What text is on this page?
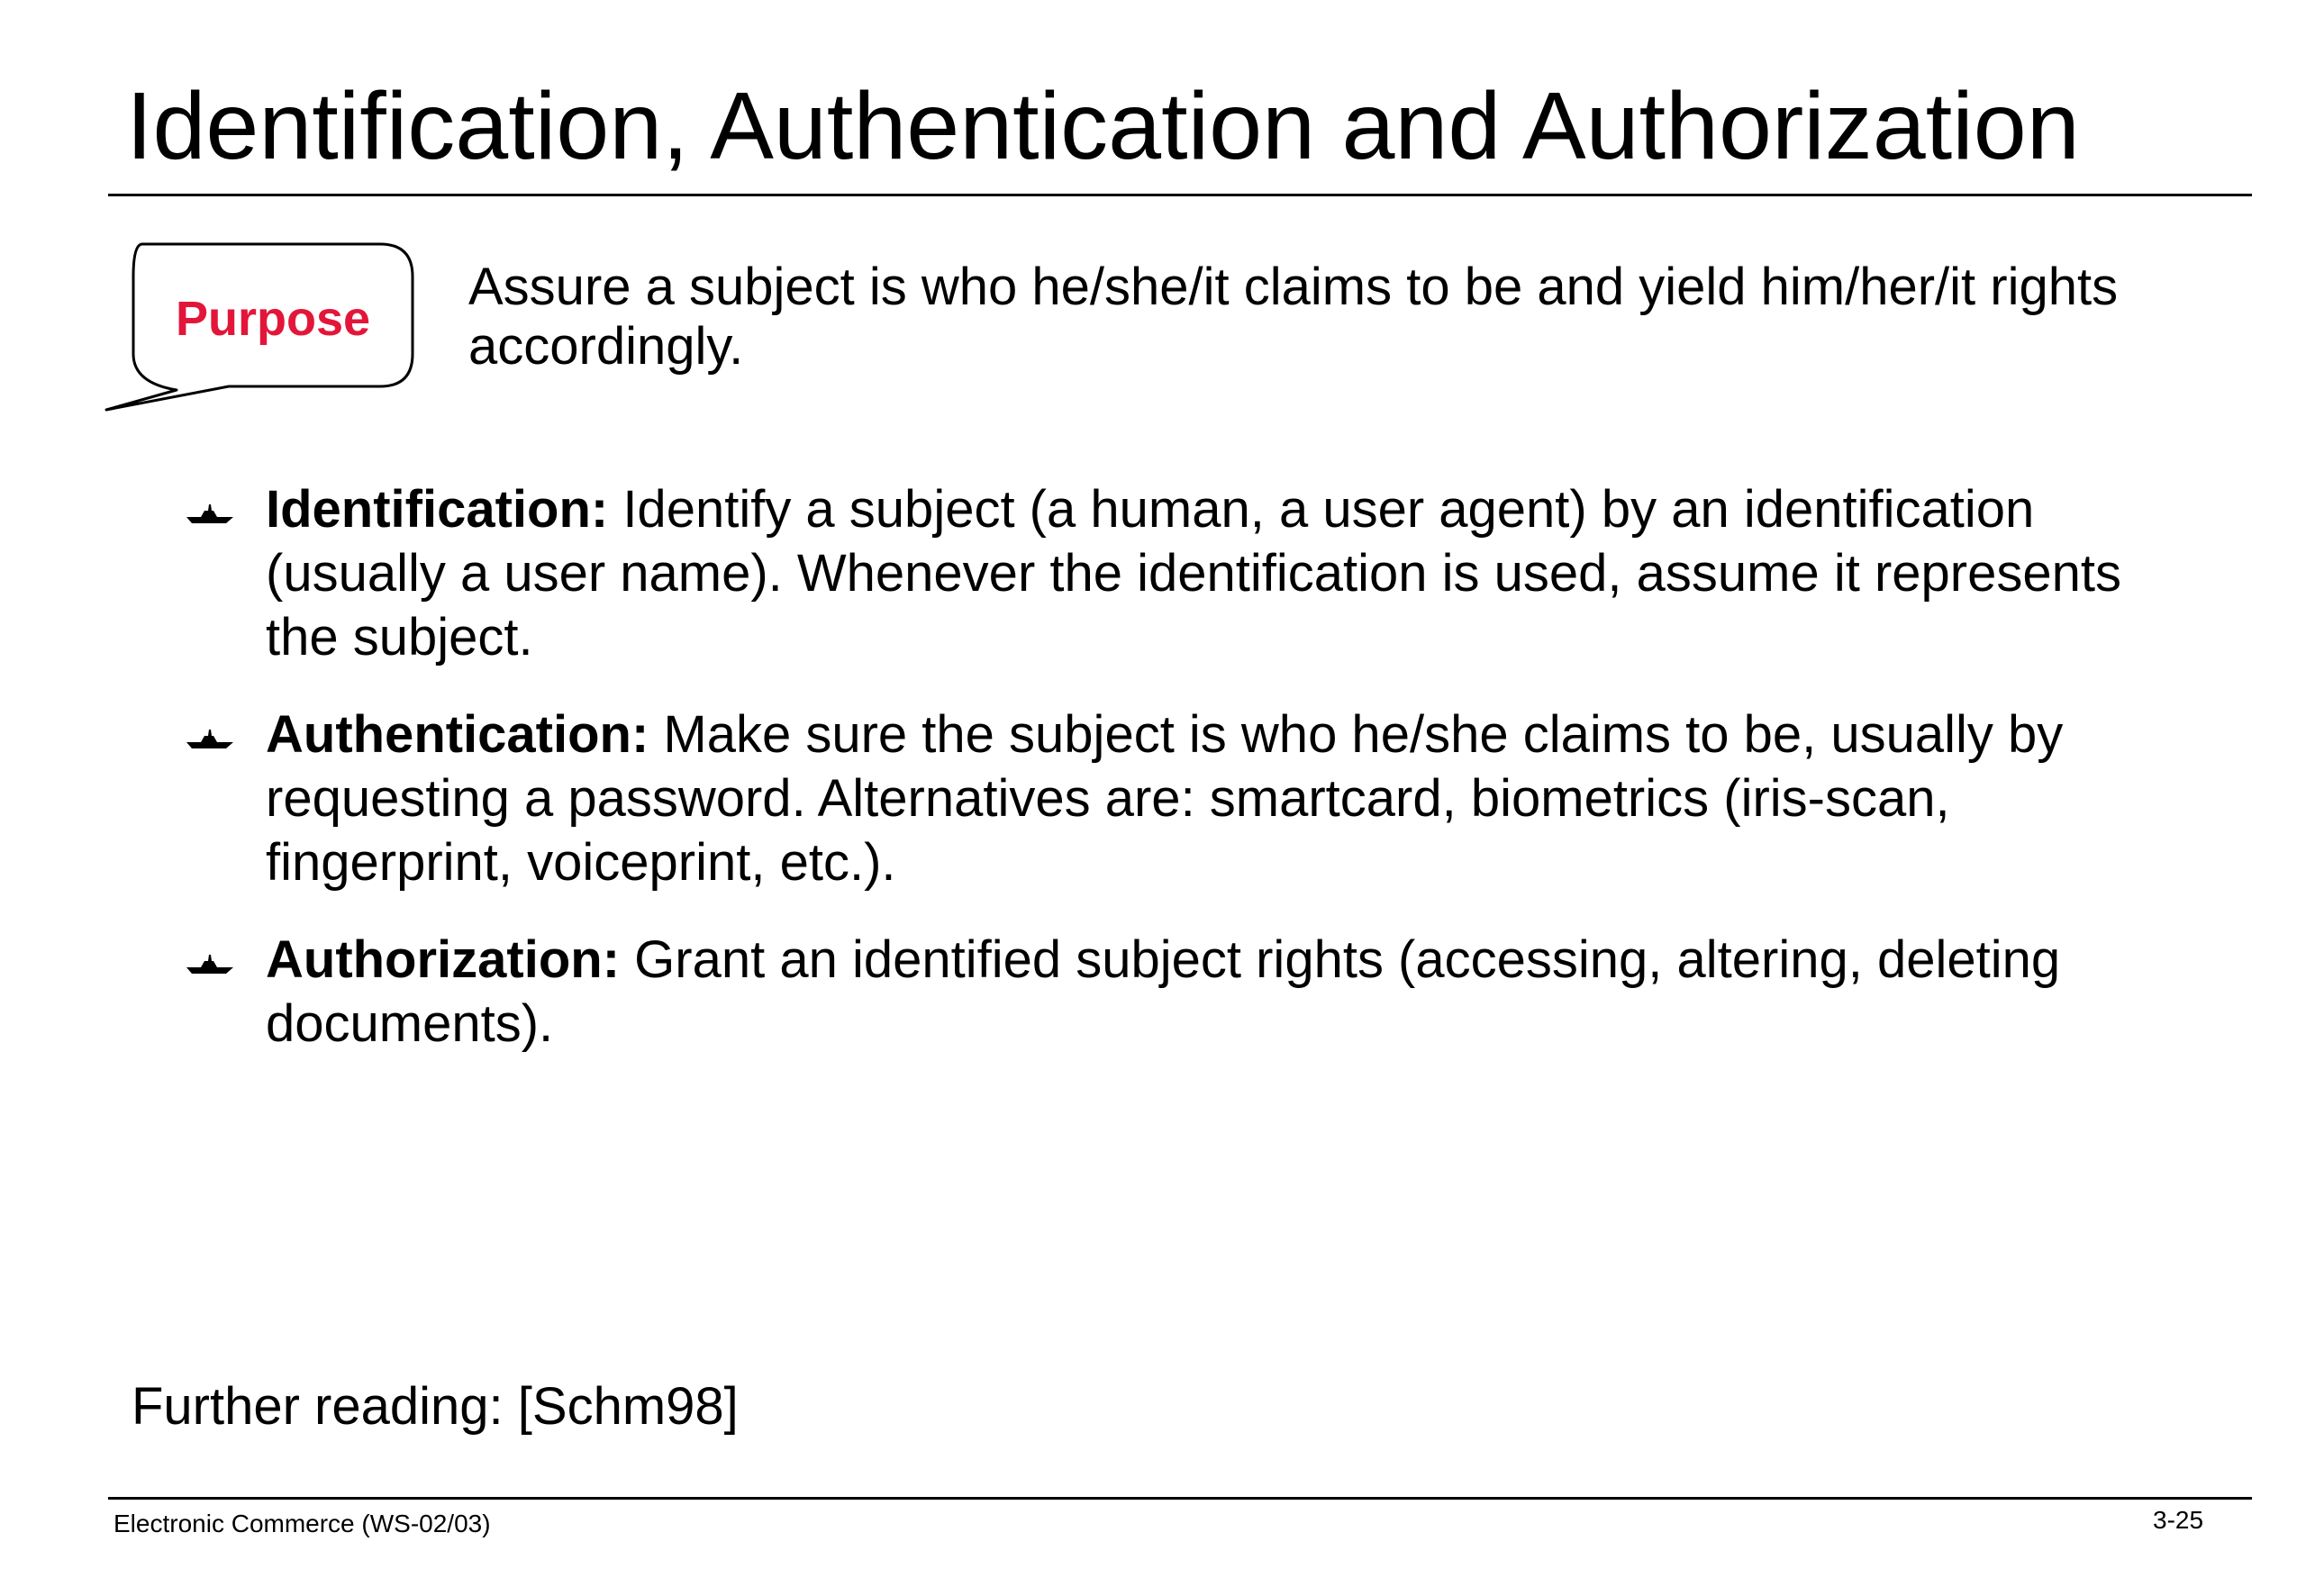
Identification, Authentication and Authorization
Purpose

Assure a subject is who he/she/it claims to be and yield him/her/it rights accordingly.

Identification: Identify a subject (a human, a user agent) by an identification (usually a user name). Whenever the identification is used, assume it represents the subject.
Authentication: Make sure the subject is who he/she claims to be, usually by requesting a password. Alternatives are: smartcard, biometrics (iris-scan, fingerprint, voiceprint, etc.).
Authorization: Grant an identified subject rights (accessing, altering, deleting documents).

Further reading: [Schm98]

Electronic Commerce (WS-02/03)	3-25
